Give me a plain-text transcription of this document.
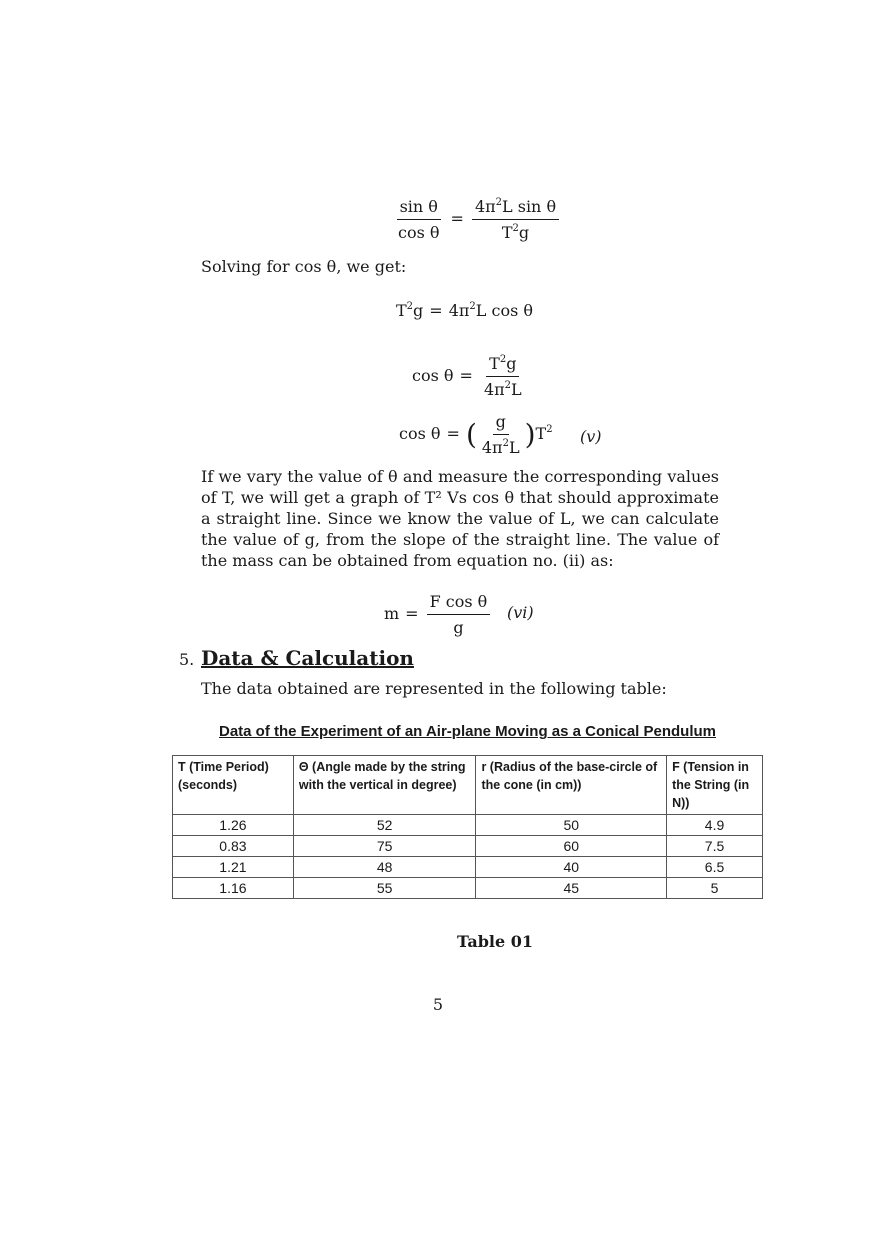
$\frac{\text{sin θ}}{\text{cos θ}} = \frac{4\pi^2L \sin \theta}{T^2g}$
Solving for cos θ, we get:
$T^2g = 4\pi^2L$ cos θ
$\cos \theta = \frac{T^2g}{4\pi^2L}$
cos θ = ( $\frac{g}{4\pi^2L} )T^2$ (v)
If we vary the value of θ and measure the corresponding values of T, we will get a graph of T² Vs cos θ that should approximate a straight line. Since we know the value of L, we can calculate the value of g, from the slope of the straight line. The value of the mass can be obtained from equation no. (ii) as:
$m = \frac{\text{F cos θ}}{g} (vi)$
5. Data & Calculation
The data obtained are represented in the following table:
Data of the Experiment of an Air-plane Moving as a Conical Pendulum
T (Time Period) (seconds)	Θ (Angle made by the string with the vertical in degree)	r (Radius of the base-circle of the cone (in cm))	F (Tension in the String (in N))
1.26	52	50	4.9
0.83	75	60	7.5
1.21	48	40	6.5
1.16	55	45	5
Table 01
5
